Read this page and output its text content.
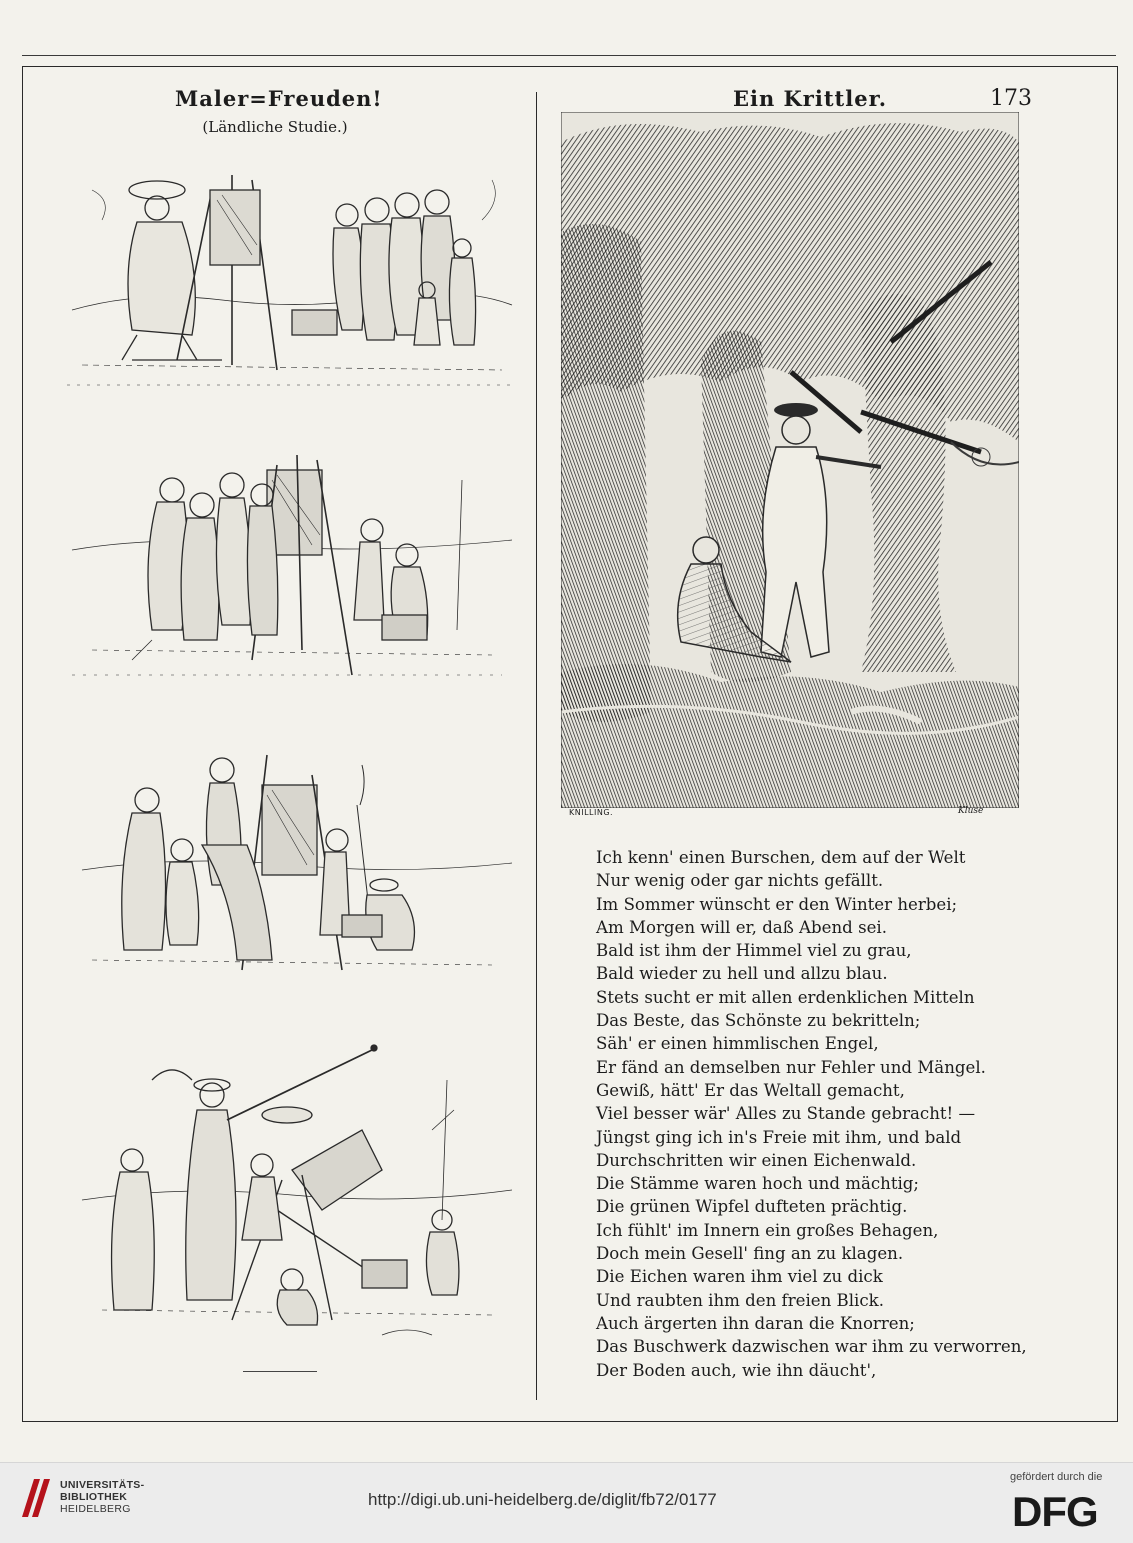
Maler=Freuden!
(Ländliche Studie.)
Ein Krittler.	173
KNILLING.	Kluse
Ich kenn' einen Burschen, dem auf der Welt
Nur wenig oder gar nichts gefällt.
Im Sommer wünscht er den Winter herbei;
Am Morgen will er, daß Abend sei.
Bald ist ihm der Himmel viel zu grau,
Bald wieder zu hell und allzu blau.
Stets sucht er mit allen erdenklichen Mitteln
Das Beste, das Schönste zu bekritteln;
Säh' er einen himmlischen Engel,
Er fänd an demselben nur Fehler und Mängel.
Gewiß, hätt' Er das Weltall gemacht,
Viel besser wär' Alles zu Stande gebracht! —
Jüngst ging ich in's Freie mit ihm, und bald
Durchschritten wir einen Eichenwald.
Die Stämme waren hoch und mächtig;
Die grünen Wipfel dufteten prächtig.
Ich fühlt' im Innern ein großes Behagen,
Doch mein Gesell' fing an zu klagen.
Die Eichen waren ihm viel zu dick
Und raubten ihm den freien Blick.
Auch ärgerten ihn daran die Knorren;
Das Buschwerk dazwischen war ihm zu verworren,
Der Boden auch, wie ihn däucht',
UNIVERSITÄTS-
BIBLIOTHEK
HEIDELBERG	http://digi.ub.uni-heidelberg.de/diglit/fb72/0177
gefördert durch die
DFG
